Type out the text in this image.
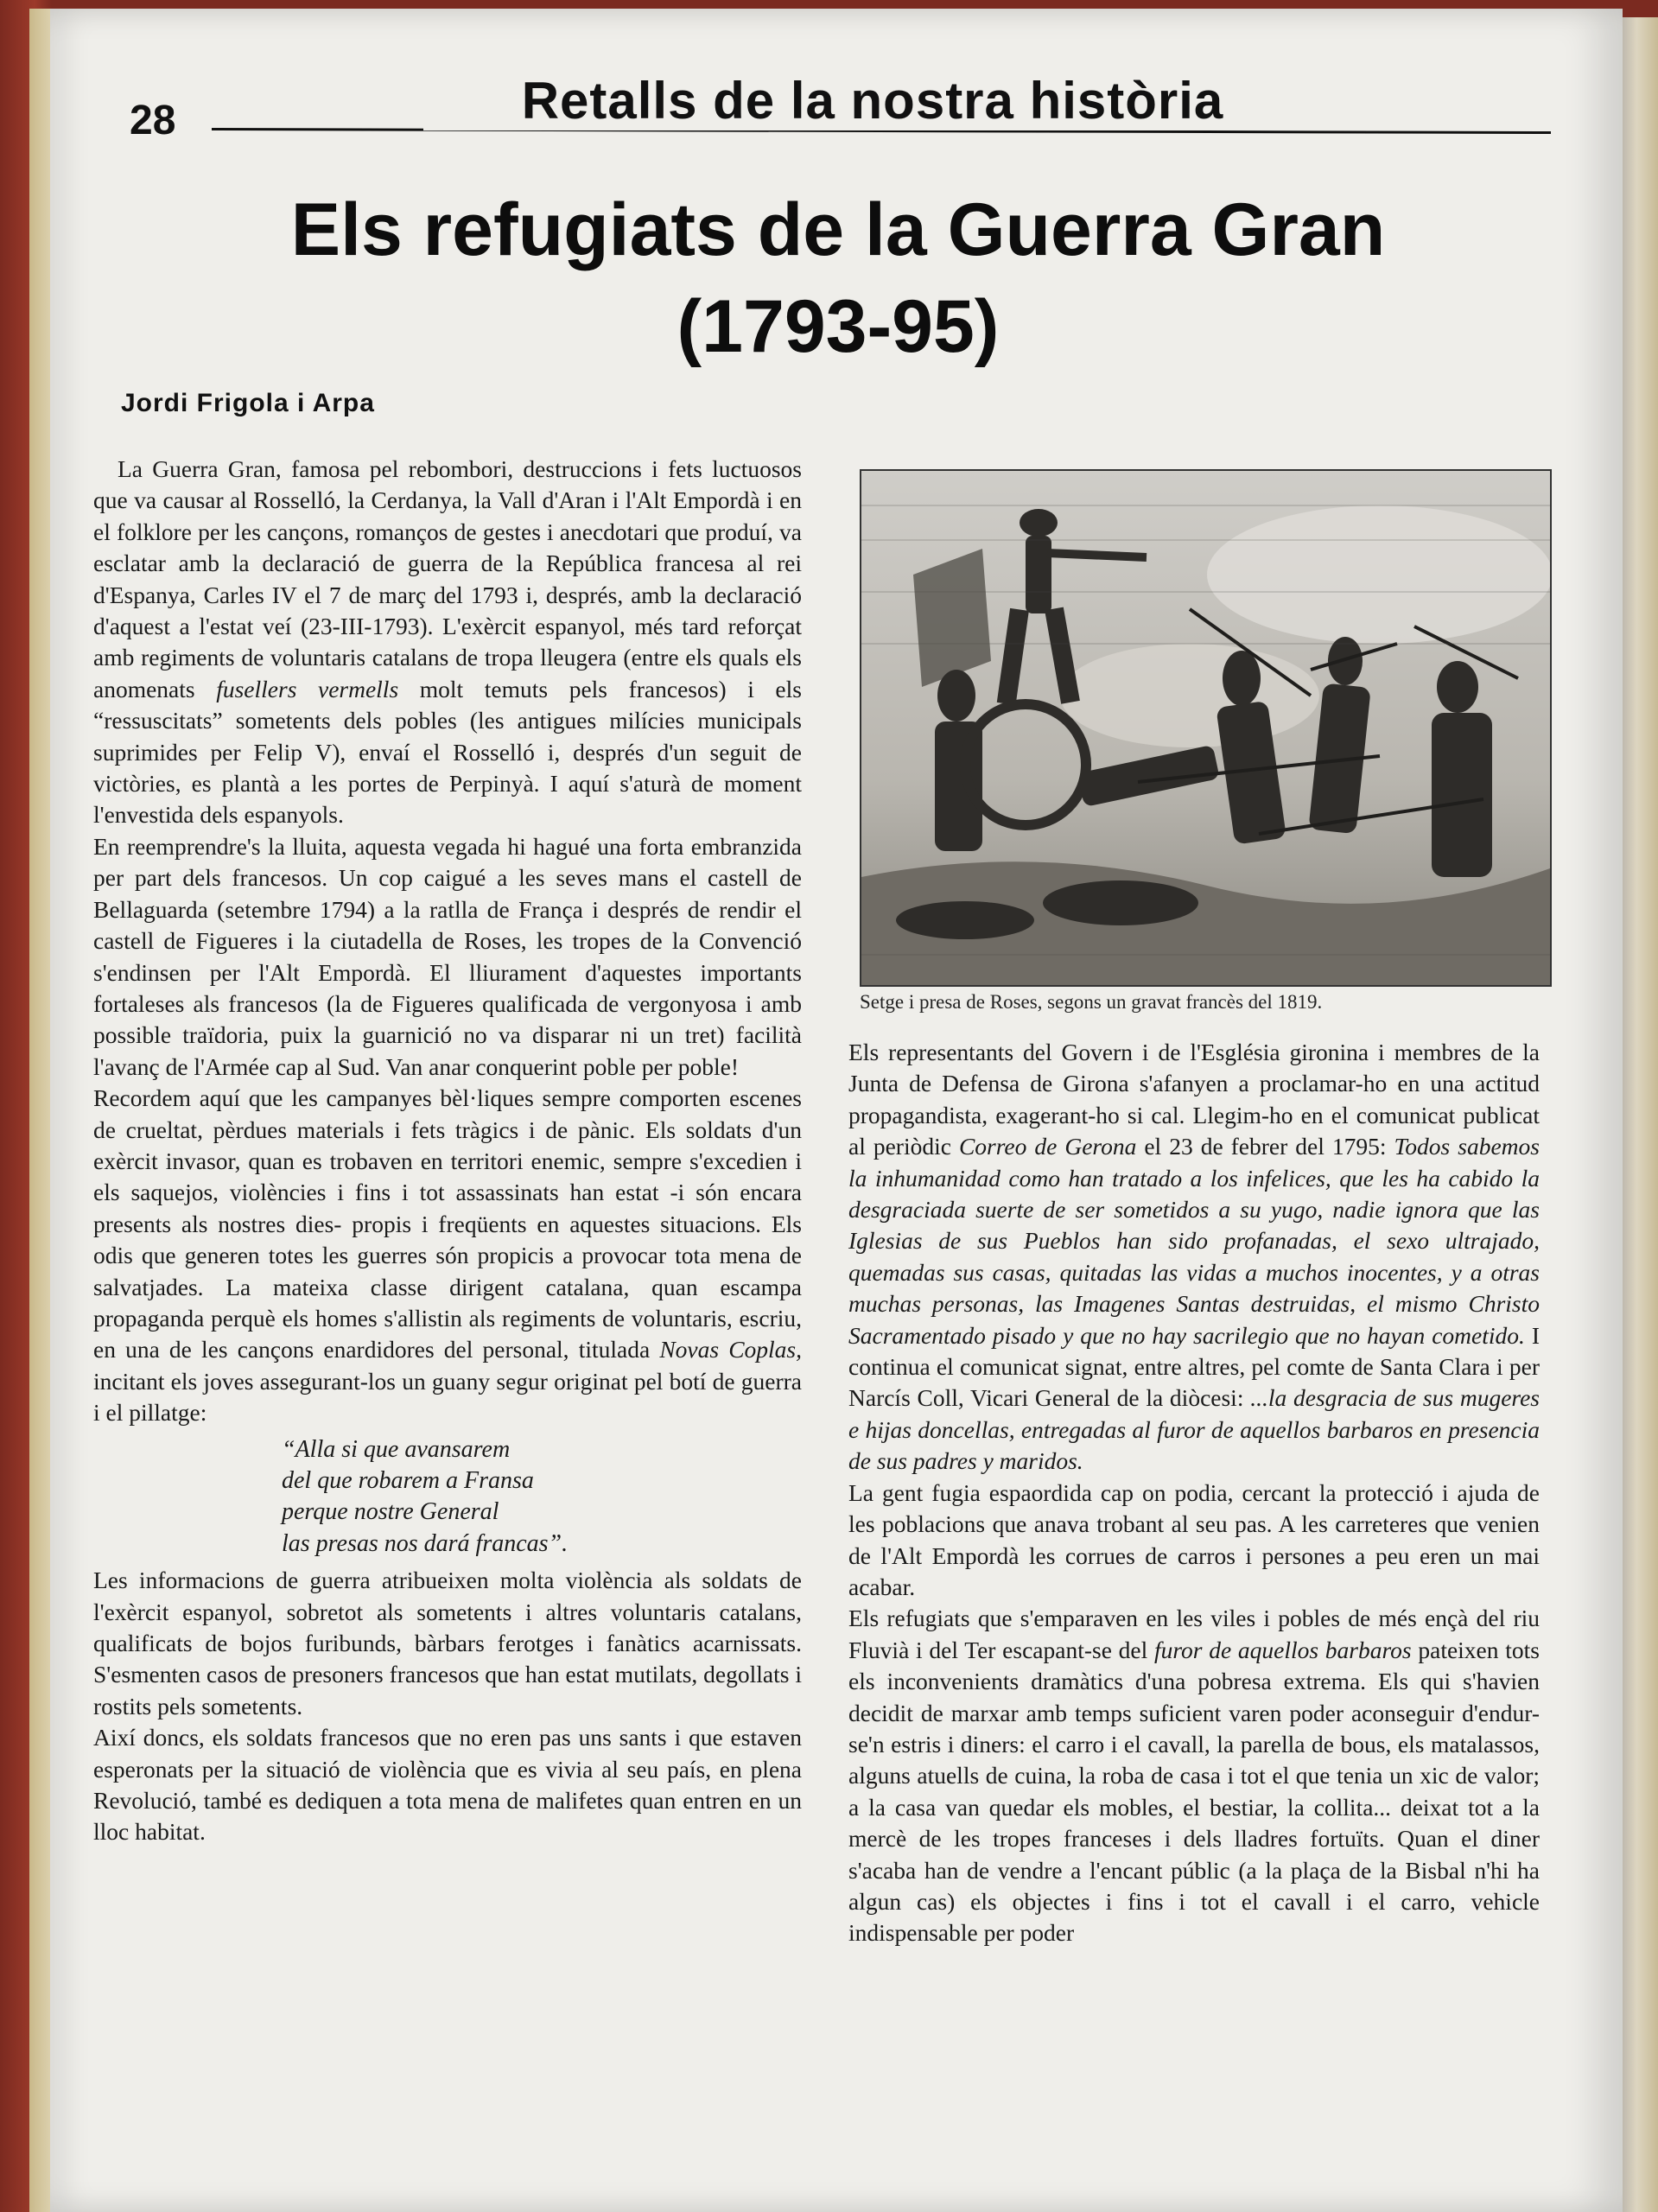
28	Retalls de la nostra història
Els refugiats de la Guerra Gran
(1793-95)
Jordi Frigola i Arpa

La Guerra Gran, famosa pel rebombori, destruccions i fets luctuosos que va causar al Rosselló, la Cerdanya, la Vall d'Aran i l'Alt Empordà i en el folklore per les cançons, romanços de gestes i anecdotari que produí, va esclatar amb la declaració de guerra de la República francesa al rei d'Espanya, Carles IV el 7 de març del 1793 i, després, amb la declaració d'aquest a l'estat veí (23-III-1793). L'exèrcit espanyol, més tard reforçat amb regiments de voluntaris catalans de tropa lleugera (entre els quals els anomenats fusellers vermells molt temuts pels francesos) i els “ressuscitats” sometents dels pobles (les antigues milícies municipals suprimides per Felip V), envaí el Rosselló i, després d'un seguit de victòries, es plantà a les portes de Perpinyà. I aquí s'aturà de moment l'envestida dels espanyols.

En reemprendre's la lluita, aquesta vegada hi hagué una forta embranzida per part dels francesos. Un cop caigué a les seves mans el castell de Bellaguarda (setembre 1794) a la ratlla de França i després de rendir el castell de Figueres i la ciutadella de Roses, les tropes de la Convenció s'endinsen per l'Alt Empordà. El lliurament d'aquestes importants fortaleses als francesos (la de Figueres qualificada de vergonyosa i amb possible traïdoria, puix la guarnició no va disparar ni un tret) facilità l'avanç de l'Armée cap al Sud. Van anar conquerint poble per poble!

Recordem aquí que les campanyes bèl·liques sempre comporten escenes de crueltat, pèrdues materials i fets tràgics i de pànic. Els soldats d'un exèrcit invasor, quan es trobaven en territori enemic, sempre s'excedien i els saquejos, violències i fins i tot assassinats han estat -i són encara presents als nostres dies- propis i freqüents en aquestes situacions. Els odis que generen totes les guerres són propicis a provocar tota mena de salvatjades. La mateixa classe dirigent catalana, quan escampa propaganda perquè els homes s'allistin als regiments de voluntaris, escriu, en una de les cançons enardidores del personal, titulada Novas Coplas, incitant els joves assegurant-los un guany segur originat pel botí de guerra i el pillatge:

“Alla si que avansarem
del que robarem a Fransa
perque nostre General
las presas nos dará francas”.

Les informacions de guerra atribueixen molta violència als soldats de l'exèrcit espanyol, sobretot als sometents i altres voluntaris catalans, qualificats de bojos furibunds, bàrbars ferotges i fanàtics acarnissats. S'esmenten casos de presoners francesos que han estat mutilats, degollats i rostits pels sometents.

Així doncs, els soldats francesos que no eren pas uns sants i que estaven esperonats per la situació de violència que es vivia al seu país, en plena Revolució, també es dediquen a tota mena de malifetes quan entren en un lloc habitat.

Setge i presa de Roses, segons un gravat francès del 1819.

Els representants del Govern i de l'Església gironina i membres de la Junta de Defensa de Girona s'afanyen a proclamar-ho en una actitud propagandista, exagerant-ho si cal. Llegim-ho en el comunicat publicat al periòdic Correo de Gerona el 23 de febrer del 1795: Todos sabemos la inhumanidad como han tratado a los infelices, que les ha cabido la desgraciada suerte de ser sometidos a su yugo, nadie ignora que las Iglesias de sus Pueblos han sido profanadas, el sexo ultrajado, quemadas sus casas, quitadas las vidas a muchos inocentes, y a otras muchas personas, las Imagenes Santas destruidas, el mismo Christo Sacramentado pisado y que no hay sacrilegio que no hayan cometido. I continua el comunicat signat, entre altres, pel comte de Santa Clara i per Narcís Coll, Vicari General de la diòcesi: ...la desgracia de sus mugeres e hijas doncellas, entregadas al furor de aquellos barbaros en presencia de sus padres y maridos.

La gent fugia espaordida cap on podia, cercant la protecció i ajuda de les poblacions que anava trobant al seu pas. A les carreteres que venien de l'Alt Empordà les corrues de carros i persones a peu eren un mai acabar.

Els refugiats que s'emparaven en les viles i pobles de més ençà del riu Fluvià i del Ter escapant-se del furor de aquellos barbaros pateixen tots els inconvenients dramàtics d'una pobresa extrema. Els qui s'havien decidit de marxar amb temps suficient varen poder aconseguir d'endur-se'n estris i diners: el carro i el cavall, la parella de bous, els matalassos, alguns atuells de cuina, la roba de casa i tot el que tenia un xic de valor; a la casa van quedar els mobles, el bestiar, la collita... deixat tot a la mercè de les tropes franceses i dels lladres fortuïts. Quan el diner s'acaba han de vendre a l'encant públic (a la plaça de la Bisbal n'hi ha algun cas) els objectes i fins i tot el cavall i el carro, vehicle indispensable per poder
